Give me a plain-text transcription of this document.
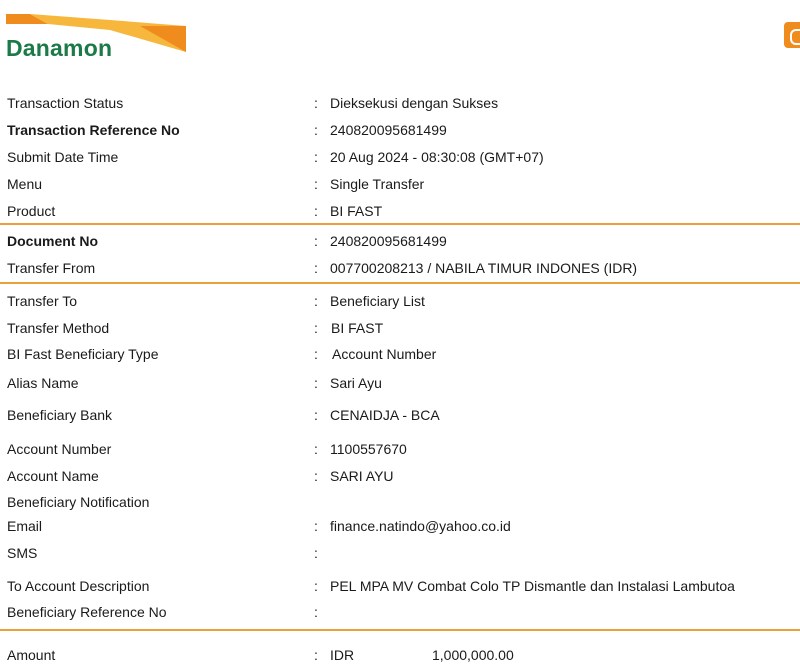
Danamon
Transaction Status	: Dieksekusi dengan Sukses
Transaction Reference No	: 240820095681499
Submit Date Time	: 20 Aug 2024 - 08:30:08 (GMT+07)
Menu	: Single Transfer
Product	: BI FAST
Document No	: 240820095681499
Transfer From	: 007700208213 / NABILA TIMUR INDONES (IDR)
Transfer To	: Beneficiary List
Transfer Method	: BI FAST
BI Fast Beneficiary Type	: Account Number
Alias Name	: Sari Ayu
Beneficiary Bank	: CENAIDJA - BCA
Account Number	: 1100557670
Account Name	: SARI AYU
Beneficiary Notification
Email	: finance.natindo@yahoo.co.id
SMS	:
To Account Description	: PEL MPA MV Combat Colo TP Dismantle dan Instalasi Lambutoa
Beneficiary Reference No	:
Amount	: IDR	1,000,000.00
